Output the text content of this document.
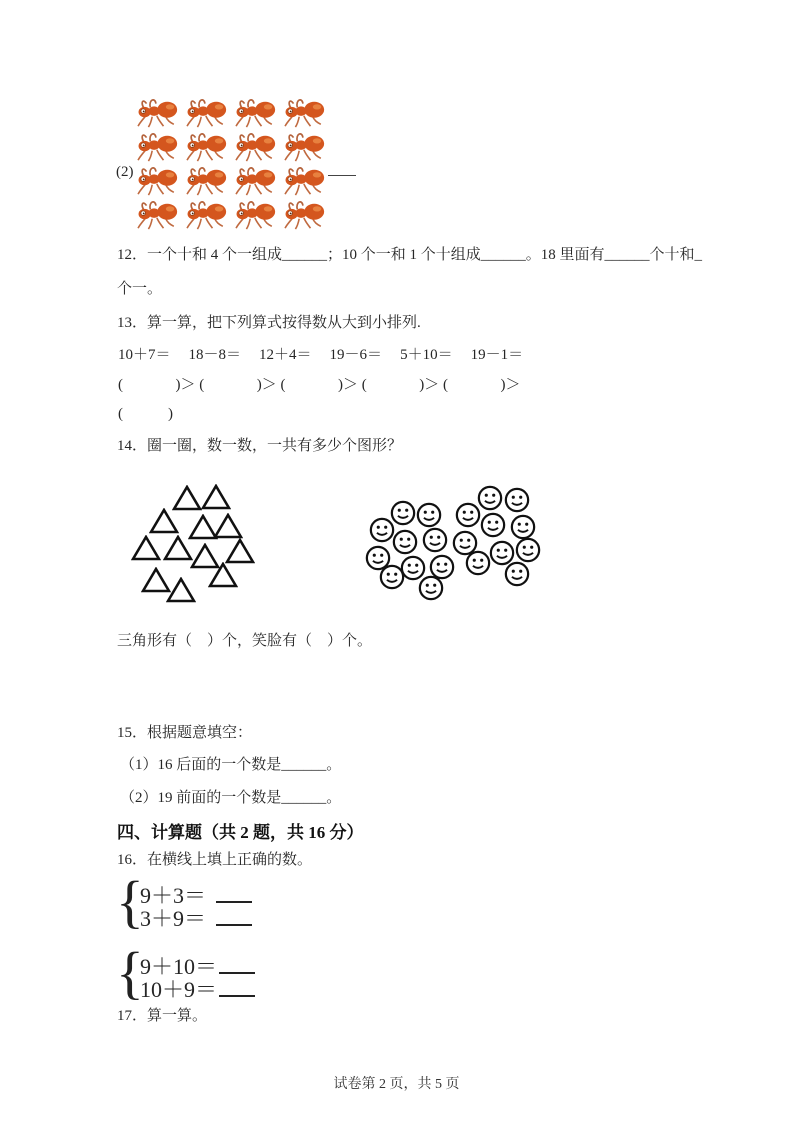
(2)
12．一个十和 4 个一组成______；10 个一和 1 个十组成______。18 里面有______个十和_
个一。
13．算一算，把下列算式按得数从大到小排列.
10＋7＝ 18－8＝ 12＋4＝ 19－6＝ 5＋10＝ 19－1＝
(              )＞ (              )＞ (              )＞ (              )＞ (              )＞
(            )
14．圈一圈，数一数，一共有多少个图形？
三角形有（　）个，笑脸有（　）个。
15．根据题意填空：
（1）16 后面的一个数是______。
（2）19 前面的一个数是______。
四、计算题（共 2 题，共 16 分）
16．在横线上填上正确的数。
{
9＋3＝
3＋9＝
{
9＋10＝
10＋9＝
17．算一算。
试卷第 2 页，共 5 页
